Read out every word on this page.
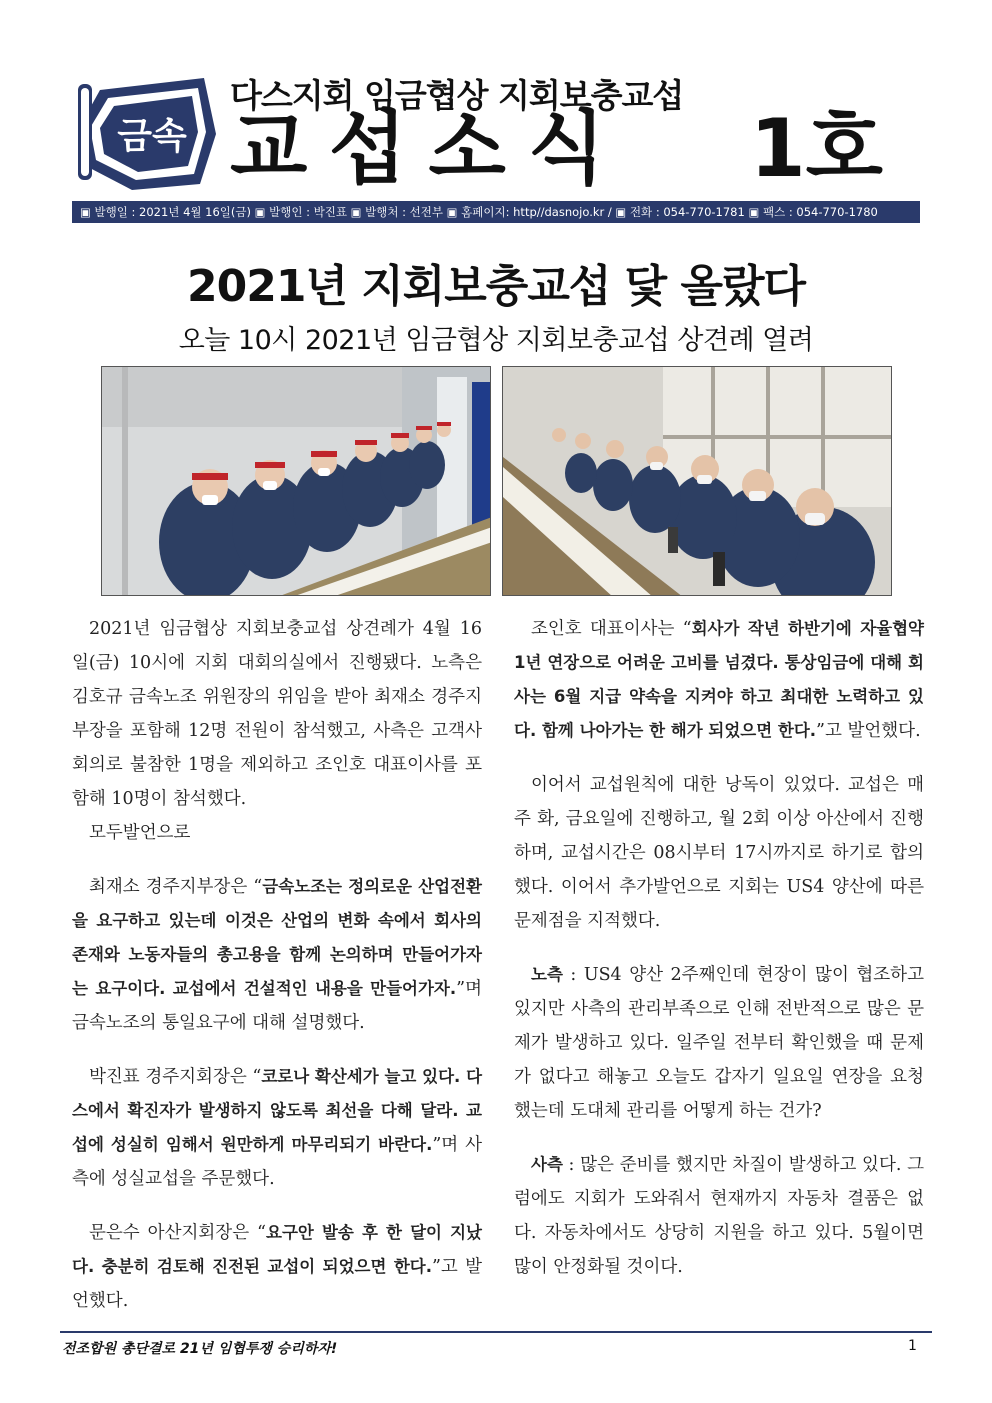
금속
다스지회 임금협상 지회보충교섭
교섭소식 1호
▣ 발행일 : 2021년 4월 16일(금) ▣ 발행인 : 박진표 ▣ 발행처 : 선전부 ▣ 홈페이지: http//dasnojo.kr / ▣ 전화 : 054-770-1781 ▣ 팩스 : 054-770-1780
2021년 지회보충교섭 닻 올랐다
오늘 10시 2021년 임금협상 지회보충교섭 상견례 열려

2021년 임금협상 지회보충교섭 상견례가 4월 16일(금) 10시에 지회 대회의실에서 진행됐다. 노측은 김호규 금속노조 위원장의 위임을 받아 최재소 경주지부장을 포함해 12명 전원이 참석했고, 사측은 고객사 회의로 불참한 1명을 제외하고 조인호 대표이사를 포함해 10명이 참석했다.

모두발언으로

최재소 경주지부장은 “금속노조는 정의로운 산업전환을 요구하고 있는데 이것은 산업의 변화 속에서 회사의 존재와 노동자들의 총고용을 함께 논의하며 만들어가자는 요구이다. 교섭에서 건설적인 내용을 만들어가자.”며 금속노조의 통일요구에 대해 설명했다.

박진표 경주지회장은 “코로나 확산세가 늘고 있다. 다스에서 확진자가 발생하지 않도록 최선을 다해 달라. 교섭에 성실히 임해서 원만하게 마무리되기 바란다.”며 사측에 성실교섭을 주문했다.

문은수 아산지회장은 “요구안 발송 후 한 달이 지났다. 충분히 검토해 진전된 교섭이 되었으면 한다.”고 발언했다.

조인호 대표이사는 “회사가 작년 하반기에 자율협약 1년 연장으로 어려운 고비를 넘겼다. 통상임금에 대해 회사는 6월 지급 약속을 지켜야 하고 최대한 노력하고 있다. 함께 나아가는 한 해가 되었으면 한다.”고 발언했다.

이어서 교섭원칙에 대한 낭독이 있었다. 교섭은 매주 화, 금요일에 진행하고, 월 2회 이상 아산에서 진행하며, 교섭시간은 08시부터 17시까지로 하기로 합의했다. 이어서 추가발언으로 지회는 US4 양산에 따른 문제점을 지적했다.

노측 : US4 양산 2주째인데 현장이 많이 협조하고 있지만 사측의 관리부족으로 인해 전반적으로 많은 문제가 발생하고 있다. 일주일 전부터 확인했을 때 문제가 없다고 해놓고 오늘도 갑자기 일요일 연장을 요청했는데 도대체 관리를 어떻게 하는 건가?

사측 : 많은 준비를 했지만 차질이 발생하고 있다. 그럼에도 지회가 도와줘서 현재까지 자동차 결품은 없다. 자동차에서도 상당히 지원을 하고 있다. 5월이면 많이 안정화될 것이다.

전조합원 총단결로 21년 임협투쟁 승리하자!	1
